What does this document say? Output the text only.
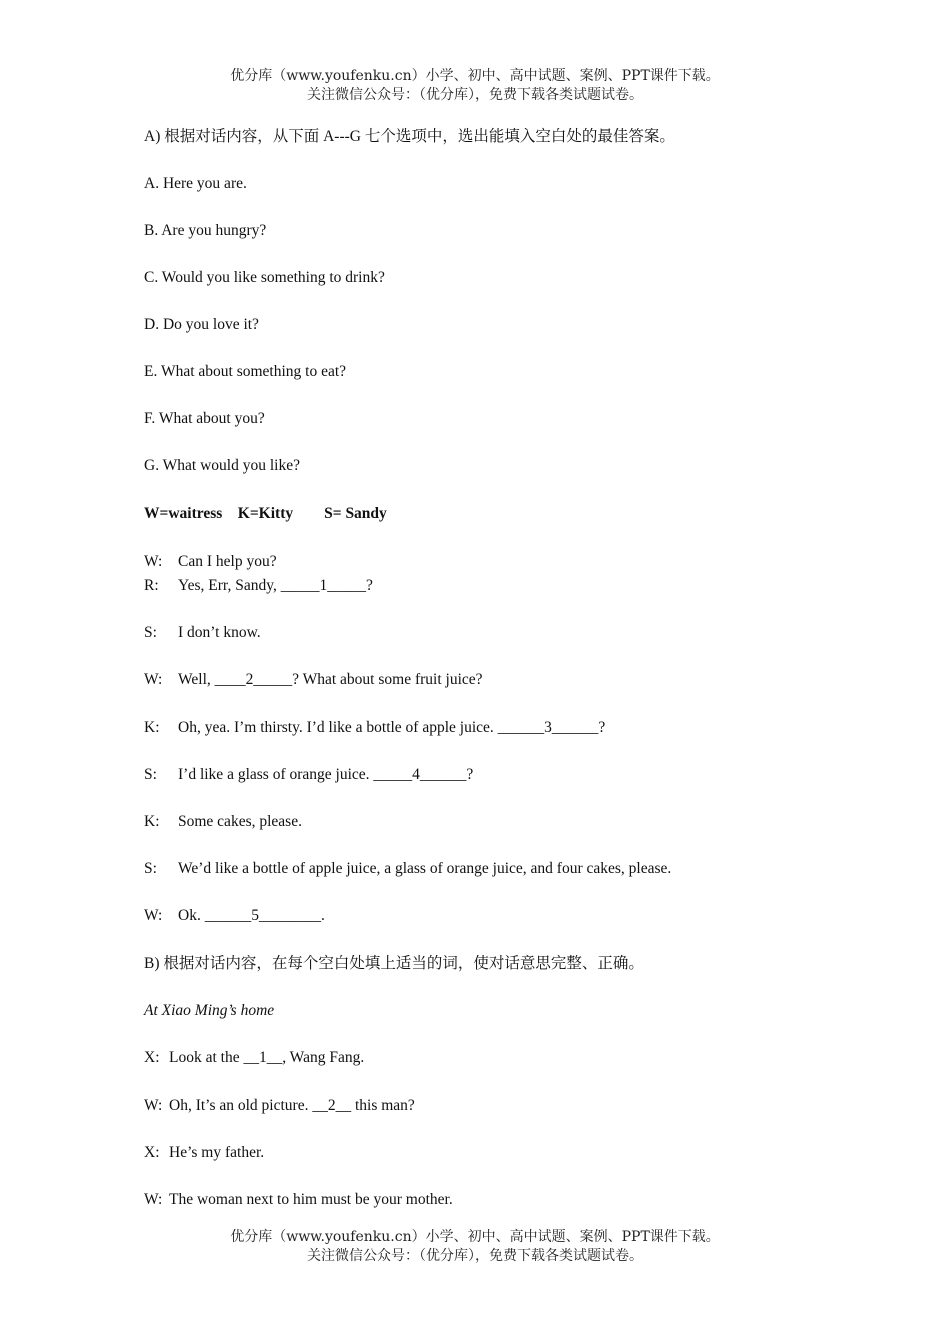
优分库（www.youfenku.cn）小学、初中、高中试题、案例、PPT课件下载。
关注微信公众号：（优分库），免费下载各类试题试卷。
A) 根据对话内容，从下面 A---G 七个选项中，选出能填入空白处的最佳答案。
A. Here you are.
B. Are you hungry?
C. Would you like something to drink?
D. Do you love it?
E. What about something to eat?
F. What about you?
G. What would you like?
W=waitress    K=Kitty        S= Sandy
W: Can I help you?
R: Yes, Err, Sandy, _____1_____?
S: I don’t know.
W: Well, ____2_____? What about some fruit juice?
K: Oh, yea. I’m thirsty. I’d like a bottle of apple juice. ______3______?
S: I’d like a glass of orange juice. _____4______?
K: Some cakes, please.
S: We’d like a bottle of apple juice, a glass of orange juice, and four cakes, please.
W: Ok. ______5________.
B) 根据对话内容，在每个空白处填上适当的词，使对话意思完整、正确。
At Xiao Ming’s home
X: Look at the __1__, Wang Fang.
W: Oh, It’s an old picture. __2__ this man?
X: He’s my father.
W: The woman next to him must be your mother.
优分库（www.youfenku.cn）小学、初中、高中试题、案例、PPT课件下载。
关注微信公众号：（优分库），免费下载各类试题试卷。
